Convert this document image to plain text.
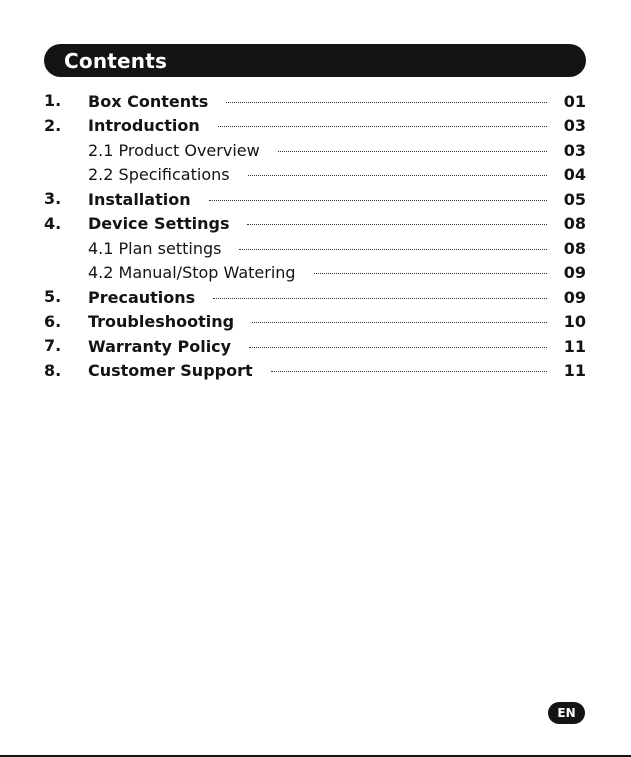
Contents
1. Box Contents	01
2. Introduction	03
2.1 Product Overview	03
2.2 Specifications	04
3. Installation	05
4. Device Settings	08
4.1 Plan settings	08
4.2 Manual/Stop Watering	09
5. Precautions	09
6. Troubleshooting	10
7. Warranty Policy	11
8. Customer Support	11
EN
